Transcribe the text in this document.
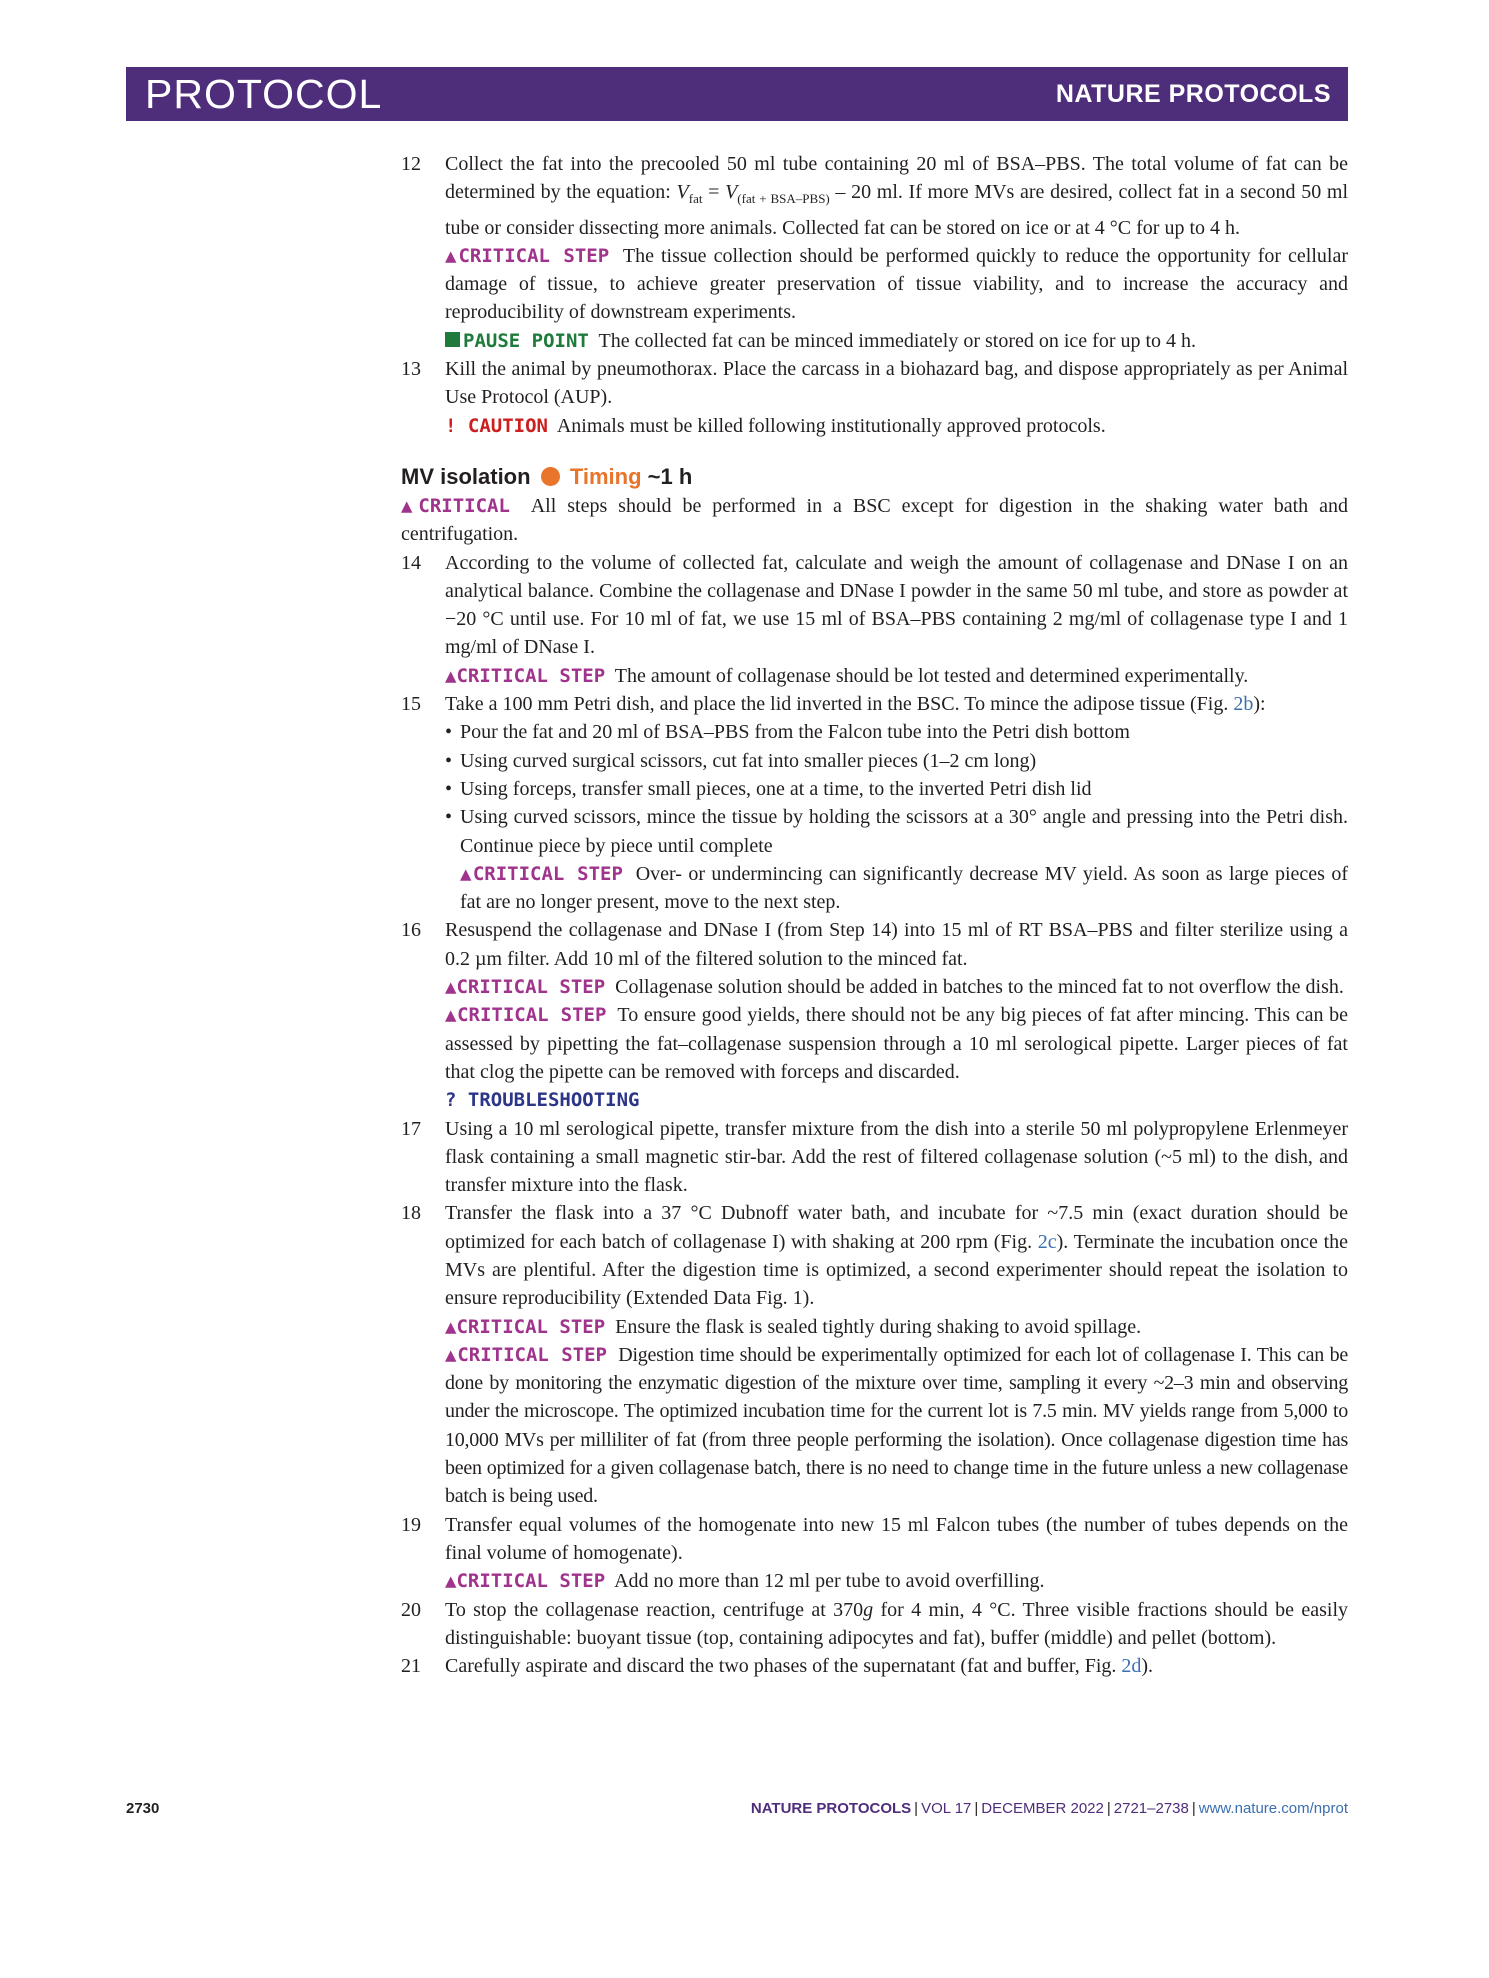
PROTOCOL	NATURE PROTOCOLS
12 Collect the fat into the precooled 50 ml tube containing 20 ml of BSA–PBS. The total volume of fat can be determined by the equation: $V_{fat} = V_{(fat + BSA-PBS)} - 20$ ml. If more MVs are desired, collect fat in a second 50 ml tube or consider dissecting more animals. Collected fat can be stored on ice or at 4 °C for up to 4 h.

▲CRITICAL STEP The tissue collection should be performed quickly to reduce the opportunity for cellular damage of tissue, to achieve greater preservation of tissue viability, and to increase the accuracy and reproducibility of downstream experiments.

PAUSE POINT The collected fat can be minced immediately or stored on ice for up to 4 h.

13 Kill the animal by pneumothorax. Place the carcass in a biohazard bag, and dispose appropriately as per Animal Use Protocol (AUP).

! CAUTION Animals must be killed following institutionally approved protocols.

MV isolation Timing ~1 h

▲CRITICAL All steps should be performed in a BSC except for digestion in the shaking water bath and centrifugation.

14 According to the volume of collected fat, calculate and weigh the amount of collagenase and DNase I on an analytical balance. Combine the collagenase and DNase I powder in the same 50 ml tube, and store as powder at −20 °C until use. For 10 ml of fat, we use 15 ml of BSA–PBS containing 2 mg/ml of collagenase type I and 1 mg/ml of DNase I.

▲CRITICAL STEP The amount of collagenase should be lot tested and determined experimentally.

15 Take a 100 mm Petri dish, and place the lid inverted in the BSC. To mince the adipose tissue (Fig. 2b):

• Pour the fat and 20 ml of BSA–PBS from the Falcon tube into the Petri dish bottom
• Using curved surgical scissors, cut fat into smaller pieces (1–2 cm long)
• Using forceps, transfer small pieces, one at a time, to the inverted Petri dish lid
• Using curved scissors, mince the tissue by holding the scissors at a 30° angle and pressing into the Petri dish. Continue piece by piece until complete

▲CRITICAL STEP Over- or undermincing can significantly decrease MV yield. As soon as large pieces of fat are no longer present, move to the next step.

16 Resuspend the collagenase and DNase I (from Step 14) into 15 ml of RT BSA–PBS and filter sterilize using a 0.2 µm filter. Add 10 ml of the filtered solution to the minced fat.

▲CRITICAL STEP Collagenase solution should be added in batches to the minced fat to not overflow the dish.

▲CRITICAL STEP To ensure good yields, there should not be any big pieces of fat after mincing. This can be assessed by pipetting the fat–collagenase suspension through a 10 ml serological pipette. Larger pieces of fat that clog the pipette can be removed with forceps and discarded.

? TROUBLESHOOTING

17 Using a 10 ml serological pipette, transfer mixture from the dish into a sterile 50 ml polypropylene Erlenmeyer flask containing a small magnetic stir-bar. Add the rest of filtered collagenase solution (~5 ml) to the dish, and transfer mixture into the flask.

18 Transfer the flask into a 37 °C Dubnoff water bath, and incubate for ~7.5 min (exact duration should be optimized for each batch of collagenase I) with shaking at 200 rpm (Fig. 2c). Terminate the incubation once the MVs are plentiful. After the digestion time is optimized, a second experimenter should repeat the isolation to ensure reproducibility (Extended Data Fig. 1).

▲CRITICAL STEP Ensure the flask is sealed tightly during shaking to avoid spillage.

▲CRITICAL STEP Digestion time should be experimentally optimized for each lot of collagenase I. This can be done by monitoring the enzymatic digestion of the mixture over time, sampling it every ~2–3 min and observing under the microscope. The optimized incubation time for the current lot is 7.5 min. MV yields range from 5,000 to 10,000 MVs per milliliter of fat (from three people performing the isolation). Once collagenase digestion time has been optimized for a given collagenase batch, there is no need to change time in the future unless a new collagenase batch is being used.

19 Transfer equal volumes of the homogenate into new 15 ml Falcon tubes (the number of tubes depends on the final volume of homogenate).

▲CRITICAL STEP Add no more than 12 ml per tube to avoid overfilling.

20 To stop the collagenase reaction, centrifuge at 370g for 4 min, 4 °C. Three visible fractions should be easily distinguishable: buoyant tissue (top, containing adipocytes and fat), buffer (middle) and pellet (bottom).

21 Carefully aspirate and discard the two phases of the supernatant (fat and buffer, Fig. 2d).

2730	NATURE PROTOCOLS | VOL 17 | DECEMBER 2022 | 2721–2738 | www.nature.com/nprot
